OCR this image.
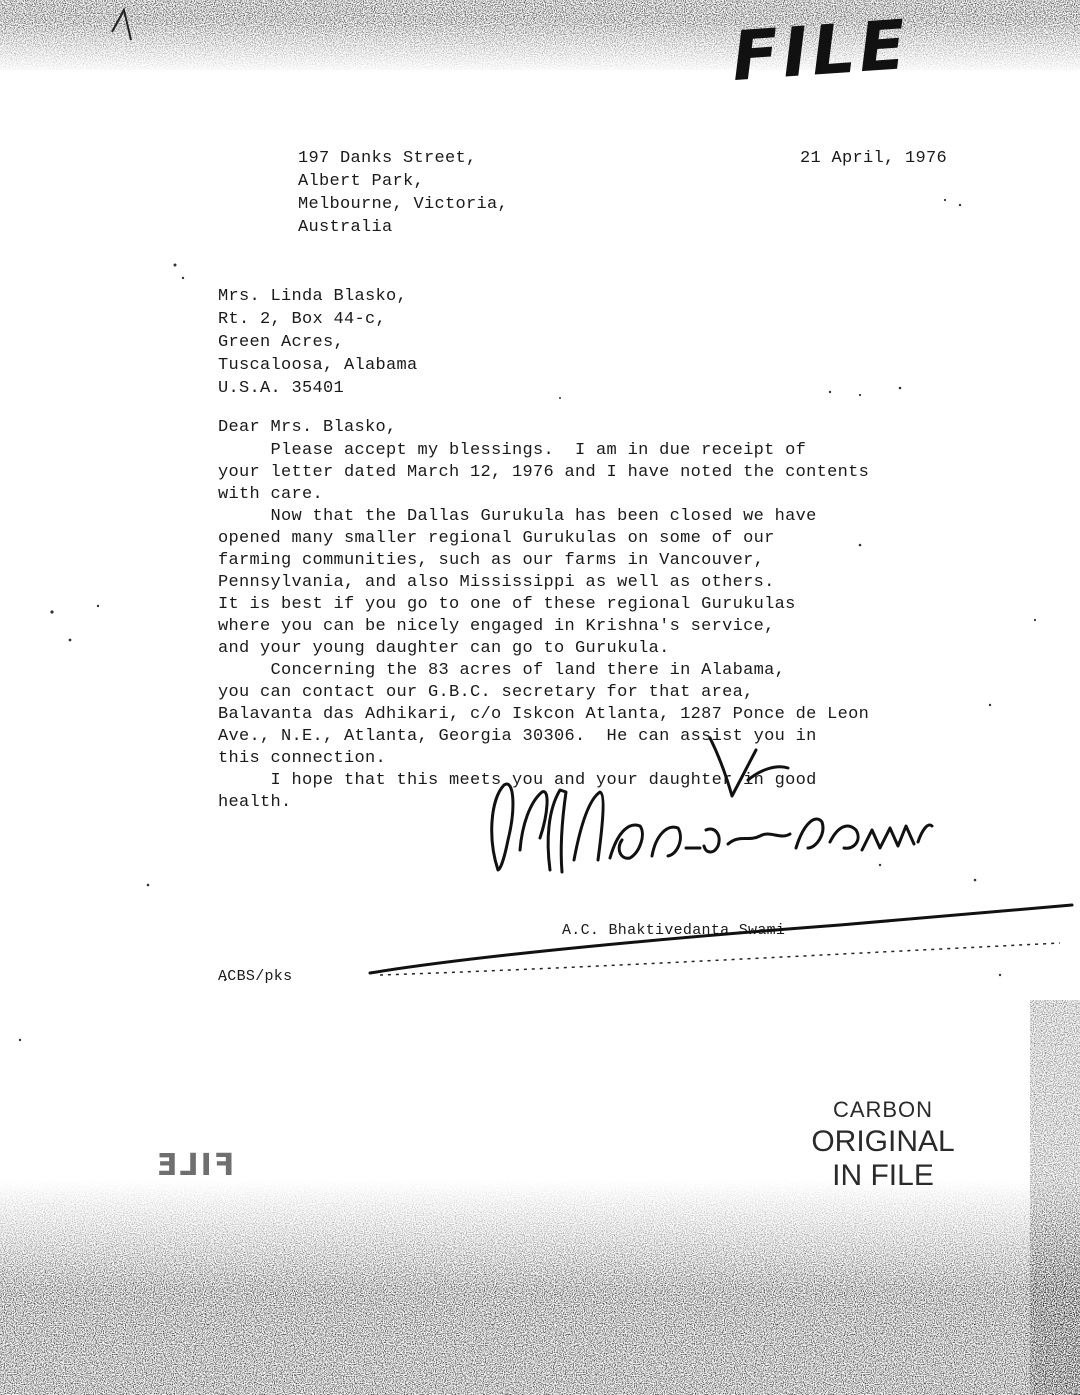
FILE
197 Danks Street,
Albert Park,
Melbourne, Victoria,
Australia
21 April, 1976
Mrs. Linda Blasko,
Rt. 2, Box 44-c,
Green Acres,
Tuscaloosa, Alabama
U.S.A. 35401
Dear Mrs. Blasko,
Please accept my blessings.  I am in due receipt of
your letter dated March 12, 1976 and I have noted the contents
with care.
Now that the Dallas Gurukula has been closed we have
opened many smaller regional Gurukulas on some of our
farming communities, such as our farms in Vancouver,
Pennsylvania, and also Mississippi as well as others.
It is best if you go to one of these regional Gurukulas
where you can be nicely engaged in Krishna's service,
and your young daughter can go to Gurukula.
Concerning the 83 acres of land there in Alabama,
you can contact our G.B.C. secretary for that area,
Balavanta das Adhikari, c/o Iskcon Atlanta, 1287 Ponce de Leon
Ave., N.E., Atlanta, Georgia 30306.  He can assist you in
this connection.
I hope that this meets you and your daughter in good
health.
A.C. Bhaktivedanta Swami
ACBS/pks
CARBON
ORIGINAL
IN FILE
FILE
